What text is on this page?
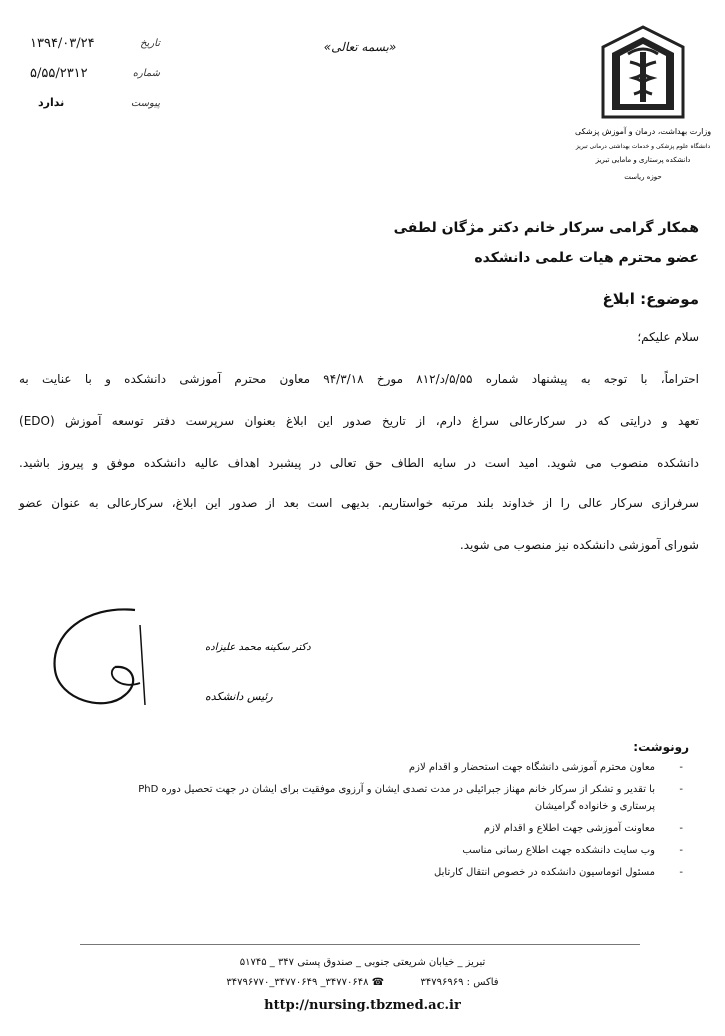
۱۳۹۴/۰۳/۲۴	تاریخ
۵/۵۵/۲۳۱۲	شماره
ندارد	پیوست
«بسمه تعالی»
وزارت بهداشت، درمان و آموزش پزشکی
دانشگاه علوم پزشکی و خدمات بهداشتی درمانی تبریز
دانشکده پرستاری و مامایی تبریز
حوزه ریاست
همکار گرامی سرکار خانم دکتر مژگان لطفی
عضو محترم هیات علمی دانشکده
موضوع: ابلاغ
سلام علیکم؛
احتراماً، با توجه به پیشنهاد شماره ۵/۵۵/د/۸۱۲ مورخ ۹۴/۳/۱۸ معاون محترم آموزشی دانشکده و با عنایت به
تعهد و درایتی که در سرکارعالی سراغ دارم، از تاریخ صدور این ابلاغ بعنوان سرپرست دفتر توسعه آموزش (EDO)
دانشکده منصوب می شوید. امید است در سایه الطاف حق تعالی در پیشبرد اهداف عالیه دانشکده موفق و پیروز باشید.
سرفرازی سرکار عالی را از خداوند بلند مرتبه خواستاریم. بدیهی است بعد از صدور این ابلاغ، سرکارعالی به عنوان عضو
شورای آموزشی دانشکده نیز منصوب می شوید.
دکتر سکینه محمد علیزاده
رئیس دانشکده
رونوشت:
-
معاون محترم آموزشی دانشگاه جهت استحضار و اقدام لازم
-
با تقدیر و تشکر از سرکار خانم مهناز جبرائیلی در مدت تصدی ایشان و آرزوی موفقیت برای ایشان در جهت تحصیل دوره PhD
پرستاری و خانواده گرامیشان
-
معاونت آموزشی جهت اطلاع و اقدام لازم
-
وب سایت دانشکده جهت اطلاع رسانی مناسب
-
مسئول اتوماسیون دانشکده در خصوص انتقال کارتابل
تبریز _ خیابان شریعتی جنوبی _ صندوق پستی ۳۴۷ _ ۵۱۷۴۵
فاکس : ۳۴۷۹۶۹۶۹  ☎ ۳۴۷۷۰۶۴۸_ ۳۴۷۷۰۶۴۹_۳۴۷۹۶۷۷۰
http://nursing.tbzmed.ac.ir
